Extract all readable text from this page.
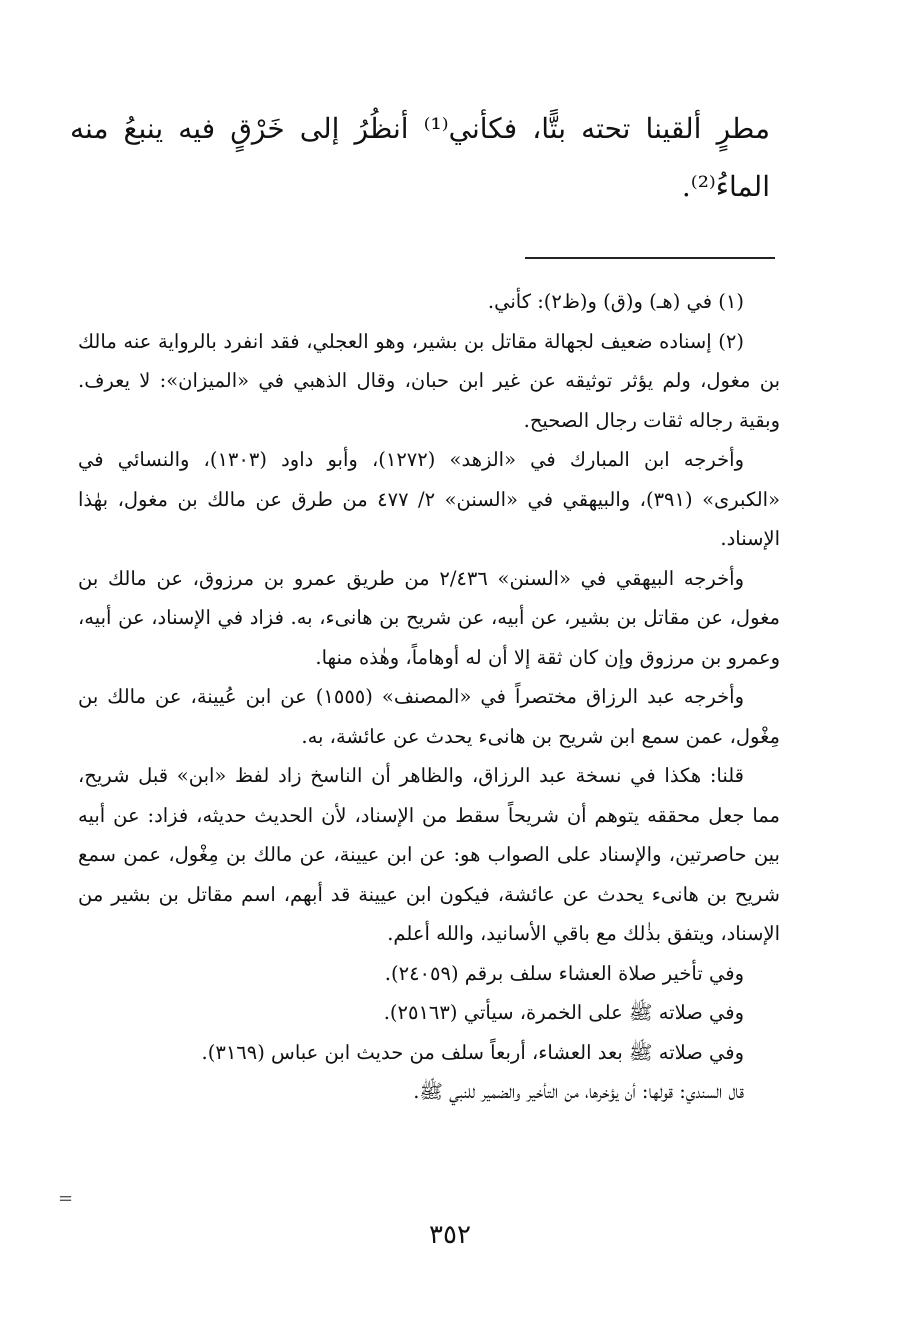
مطرٍ ألقينا تحته بتًّا، فكأني⁽¹⁾ أنظُرُ إلى خَرْقٍ فيه ينبعُ منه الماءُ⁽²⁾.

(١) في (هـ) و(ق) و(ظ٢): كأني.

(٢) إسناده ضعيف لجهالة مقاتل بن بشير، وهو العجلي، فقد انفرد بالرواية عنه مالك بن مغول، ولم يؤثر توثيقه عن غير ابن حبان، وقال الذهبي في «الميزان»: لا يعرف. وبقية رجاله ثقات رجال الصحيح.

وأخرجه ابن المبارك في «الزهد» (١٢٧٢)، وأبو داود (١٣٠٣)، والنسائي في «الكبرى» (٣٩١)، والبيهقي في «السنن» ٢/ ٤٧٧ من طرق عن مالك بن مغول، بهٰذا الإسناد.

وأخرجه البيهقي في «السنن» ٢/٤٣٦ من طريق عمرو بن مرزوق، عن مالك بن مغول، عن مقاتل بن بشير، عن أبيه، عن شريح بن هانىء، به. فزاد في الإسناد، عن أبيه، وعمرو بن مرزوق وإن كان ثقة إلا أن له أوهاماً، وهٰذه منها.

وأخرجه عبد الرزاق مختصراً في «المصنف» (١٥٥٥) عن ابن عُيينة، عن مالك بن مِغْول، عمن سمع ابن شريح بن هانىء يحدث عن عائشة، به.

قلنا: هكذا في نسخة عبد الرزاق، والظاهر أن الناسخ زاد لفظ «ابن» قبل شريح، مما جعل محققه يتوهم أن شريحاً سقط من الإسناد، لأن الحديث حديثه، فزاد: عن أبيه بين حاصرتين، والإسناد على الصواب هو: عن ابن عيينة، عن مالك بن مِغْول، عمن سمع شريح بن هانىء يحدث عن عائشة، فيكون ابن عيينة قد أبهم، اسم مقاتل بن بشير من الإسناد، ويتفق بذٰلك مع باقي الأسانيد، والله أعلم.

وفي تأخير صلاة العشاء سلف برقم (٢٤٠٥٩).

وفي صلاته ﷺ على الخمرة، سيأتي (٢٥١٦٣).

وفي صلاته ﷺ بعد العشاء، أربعاً سلف من حديث ابن عباس (٣١٦٩).

قال السندي: قولها: أن يؤخرها، من التأخير والضمير للنبي ﷺ.

=
٣٥٢
